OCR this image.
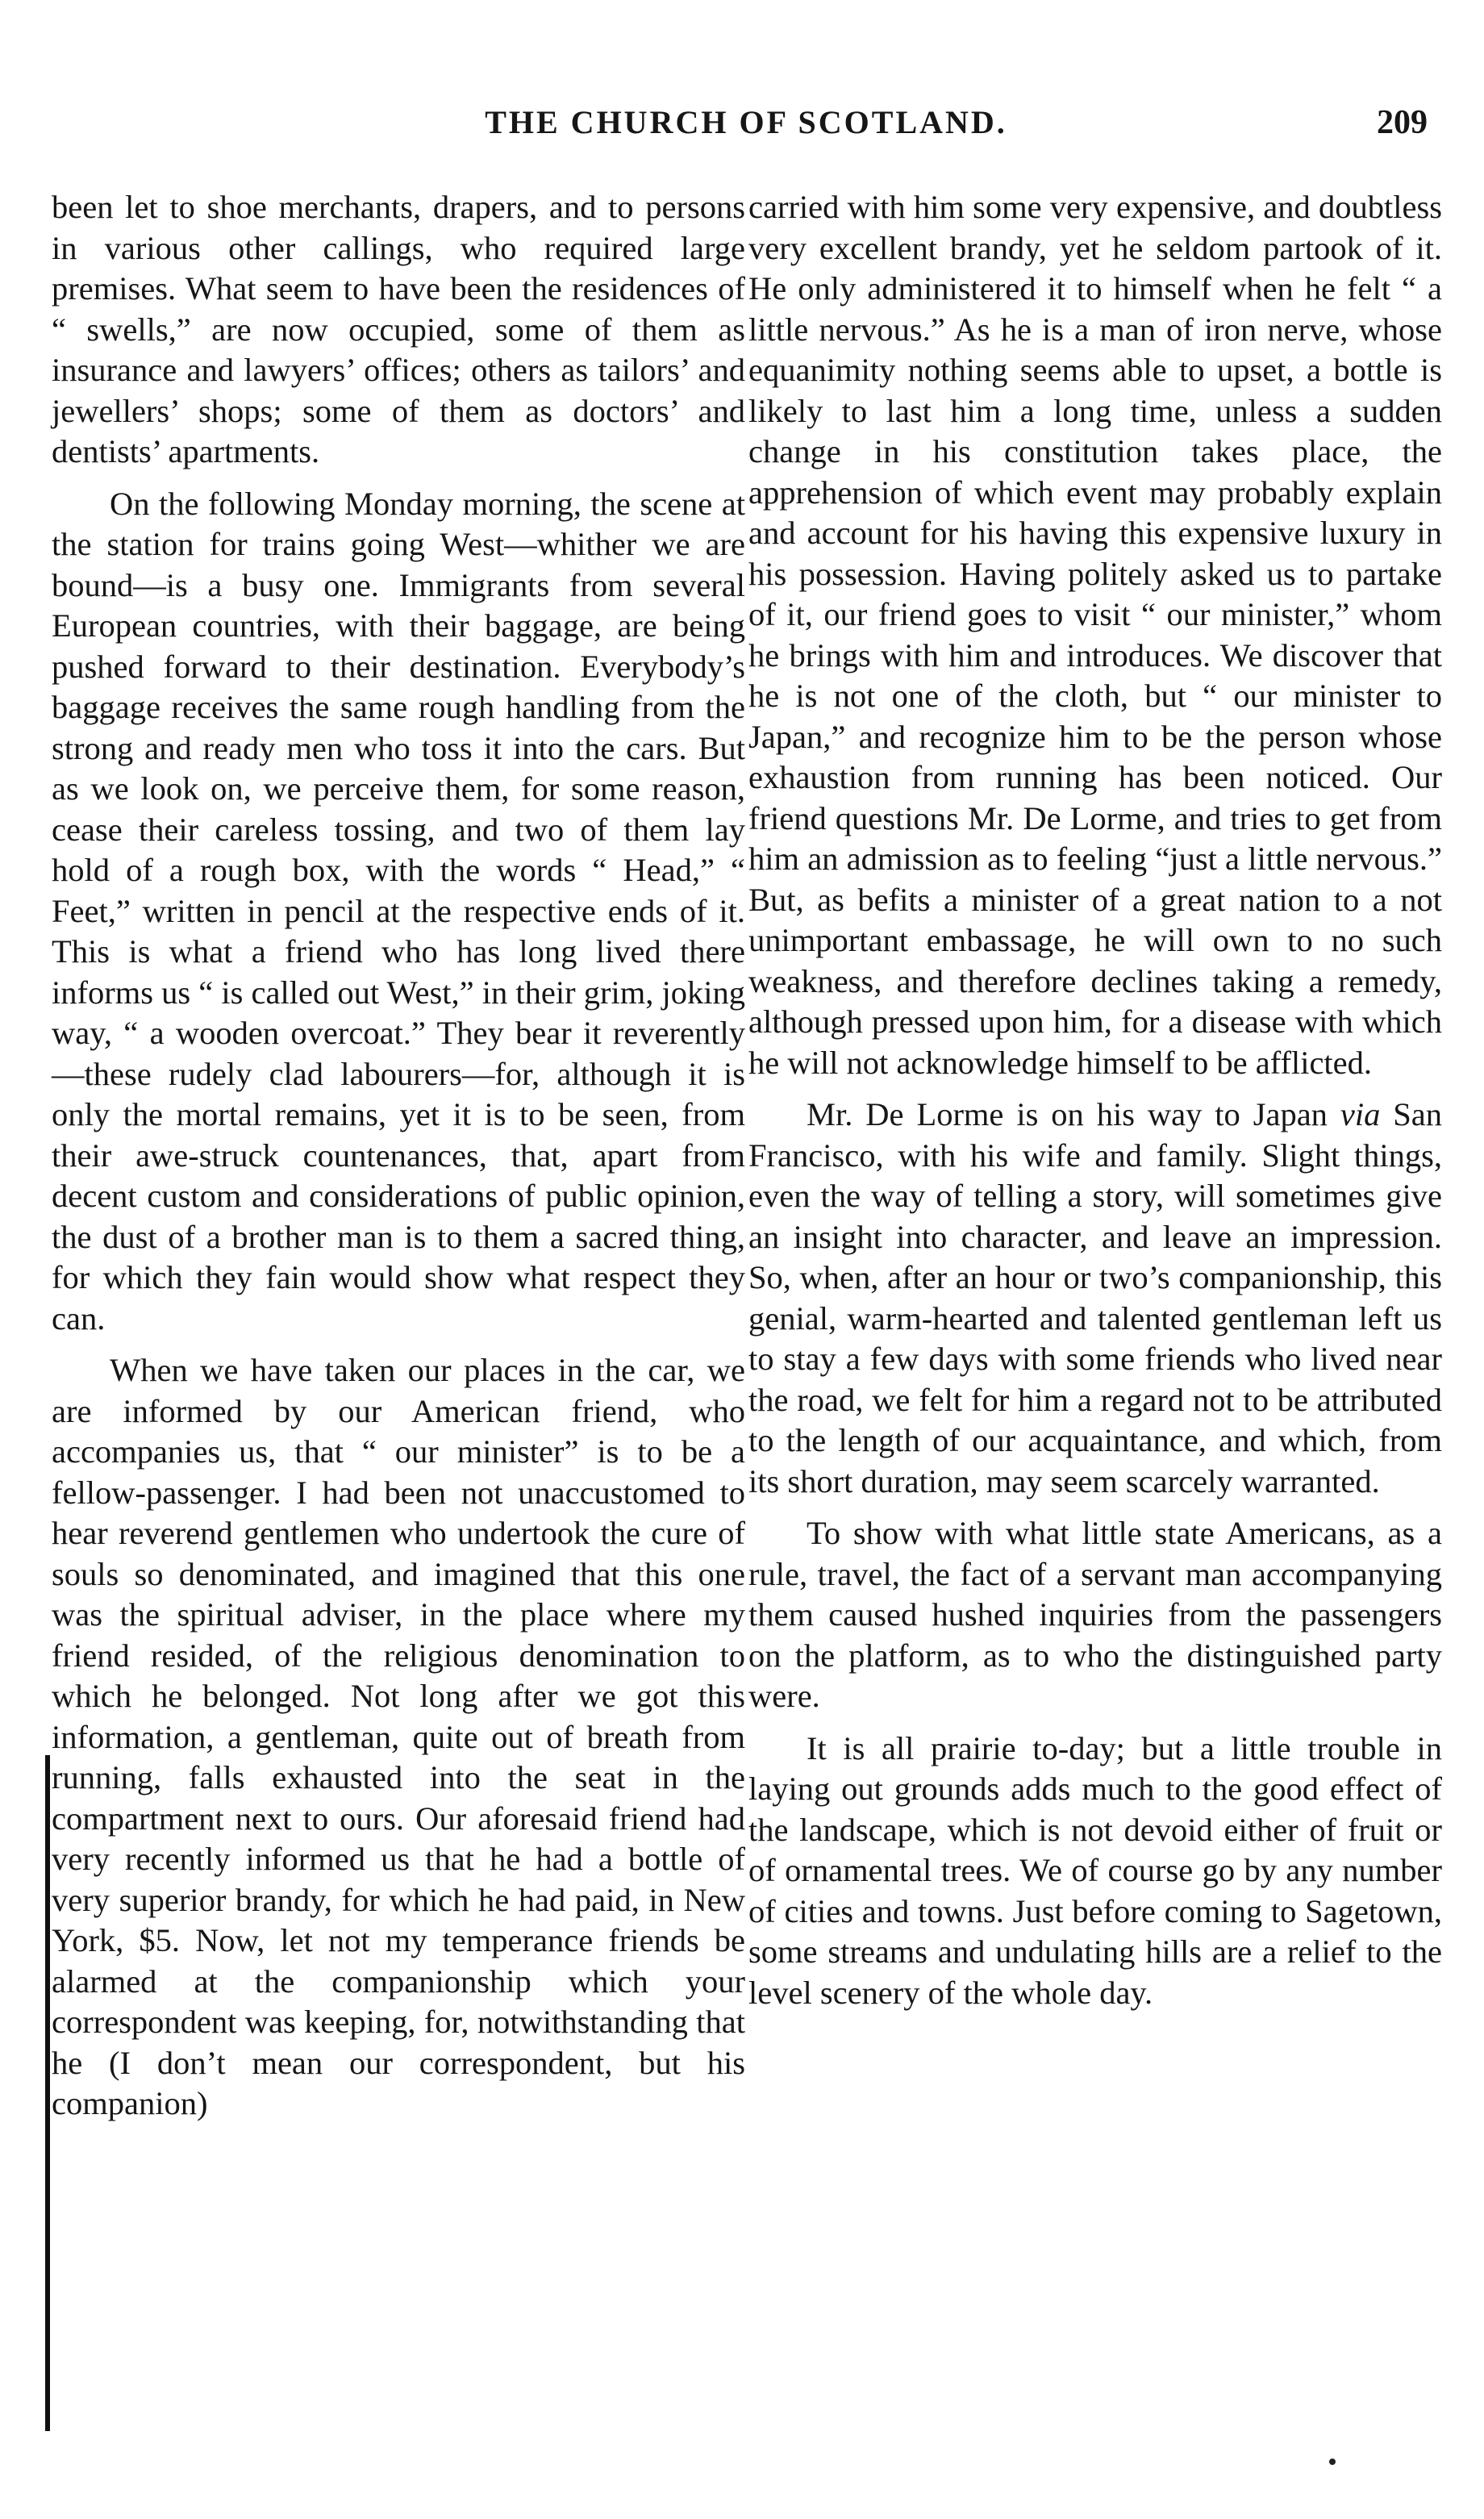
THE CHURCH OF SCOTLAND.	209

been let to shoe merchants, drapers, and to persons in various other callings, who required large premises. What seem to have been the residences of “ swells,” are now occupied, some of them as insurance and lawyers’ offices; others as tailors’ and jewellers’ shops; some of them as doctors’ and dentists’ apartments.

On the following Monday morning, the scene at the station for trains going West—whither we are bound—is a busy one. Immigrants from several European countries, with their baggage, are being pushed forward to their destination. Everybody’s baggage receives the same rough handling from the strong and ready men who toss it into the cars. But as we look on, we perceive them, for some reason, cease their careless tossing, and two of them lay hold of a rough box, with the words “ Head,” “ Feet,” written in pencil at the respective ends of it. This is what a friend who has long lived there informs us “ is called out West,” in their grim, joking way, “ a wooden overcoat.” They bear it reverently—these rudely clad labourers—for, although it is only the mortal remains, yet it is to be seen, from their awe-struck countenances, that, apart from decent custom and considerations of public opinion, the dust of a brother man is to them a sacred thing, for which they fain would show what respect they can.

When we have taken our places in the car, we are informed by our American friend, who accompanies us, that “ our minister” is to be a fellow-passenger. I had been not unaccustomed to hear reverend gentlemen who undertook the cure of souls so denominated, and imagined that this one was the spiritual adviser, in the place where my friend resided, of the religious denomination to which he belonged. Not long after we got this information, a gentleman, quite out of breath from running, falls exhausted into the seat in the compartment next to ours. Our aforesaid friend had very recently informed us that he had a bottle of very superior brandy, for which he had paid, in New York, $5. Now, let not my temperance friends be alarmed at the companionship which your correspondent was keeping, for, notwithstanding that he (I don’t mean our correspondent, but his companion)

carried with him some very expensive, and doubtless very excellent brandy, yet he seldom partook of it. He only administered it to himself when he felt “ a little nervous.” As he is a man of iron nerve, whose equanimity nothing seems able to upset, a bottle is likely to last him a long time, unless a sudden change in his constitution takes place, the apprehension of which event may probably explain and account for his having this expensive luxury in his possession. Having politely asked us to partake of it, our friend goes to visit “ our minister,” whom he brings with him and introduces. We discover that he is not one of the cloth, but “ our minister to Japan,” and recognize him to be the person whose exhaustion from running has been noticed. Our friend questions Mr. De Lorme, and tries to get from him an admission as to feeling “just a little nervous.” But, as befits a minister of a great nation to a not unimportant embassage, he will own to no such weakness, and therefore declines taking a remedy, although pressed upon him, for a disease with which he will not acknowledge himself to be afflicted.

Mr. De Lorme is on his way to Japan via San Francisco, with his wife and family. Slight things, even the way of telling a story, will sometimes give an insight into character, and leave an impression. So, when, after an hour or two’s companionship, this genial, warm-hearted and talented gentleman left us to stay a few days with some friends who lived near the road, we felt for him a regard not to be attributed to the length of our acquaintance, and which, from its short duration, may seem scarcely warranted.

To show with what little state Americans, as a rule, travel, the fact of a servant man accompanying them caused hushed inquiries from the passengers on the platform, as to who the distinguished party were.

It is all prairie to-day; but a little trouble in laying out grounds adds much to the good effect of the landscape, which is not devoid either of fruit or of ornamental trees. We of course go by any number of cities and towns. Just before coming to Sagetown, some streams and undulating hills are a relief to the level scenery of the whole day.
